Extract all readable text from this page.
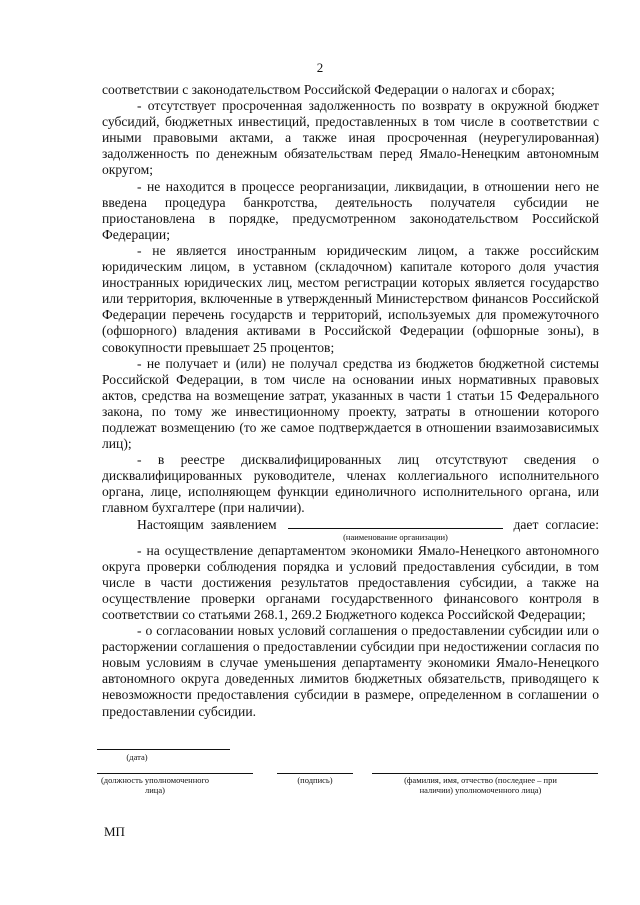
2

соответствии с законодательством Российской Федерации о налогах и сборах;

- отсутствует просроченная задолженность по возврату в окружной бюджет субсидий, бюджетных инвестиций, предоставленных в том числе в соответствии с иными правовыми актами, а также иная просроченная (неурегулированная) задолженность по денежным обязательствам перед Ямало-Ненецким автономным округом;

- не находится в процессе реорганизации, ликвидации, в отношении него не введена процедура банкротства, деятельность получателя субсидии не приостановлена в порядке, предусмотренном законодательством Российской Федерации;

- не является иностранным юридическим лицом, а также российским юридическим лицом, в уставном (складочном) капитале которого доля участия иностранных юридических лиц, местом регистрации которых является государство или территория, включенные в утвержденный Министерством финансов Российской Федерации перечень государств и территорий, используемых для промежуточного (офшорного) владения активами в Российской Федерации (офшорные зоны), в совокупности превышает 25 процентов;

- не получает и (или) не получал средства из бюджетов бюджетной системы Российской Федерации, в том числе на основании иных нормативных правовых актов, средства на возмещение затрат, указанных в части 1 статьи 15 Федерального закона, по тому же инвестиционному проекту, затраты в отношении которого подлежат возмещению (то же самое подтверждается в отношении взаимозависимых лиц);

- в реестре дисквалифицированных лиц отсутствуют сведения о дисквалифицированных руководителе, членах коллегиального исполнительного органа, лице, исполняющем функции единоличного исполнительного органа, или главном бухгалтере (при наличии).

Настоящим заявлением	дает согласие:

(наименование организации)

- на осуществление департаментом экономики Ямало-Ненецкого автономного округа проверки соблюдения порядка и условий предоставления субсидии, в том числе в части достижения результатов предоставления субсидии, а также на осуществление проверки органами государственного финансового контроля в соответствии со статьями 268.1, 269.2 Бюджетного кодекса Российской Федерации;

- о согласовании новых условий соглашения о предоставлении субсидии или о расторжении соглашения о предоставлении субсидии при недостижении согласия по новым условиям в случае уменьшения департаменту экономики Ямало-Ненецкого автономного округа доведенных лимитов бюджетных обязательств, приводящего к невозможности предоставления субсидии в размере, определенном в соглашении о предоставлении субсидии.

(дата)
(должность уполномоченного лица)
(подпись)	(фамилия, имя, отчество (последнее – при наличии) уполномоченного лица)
МП
